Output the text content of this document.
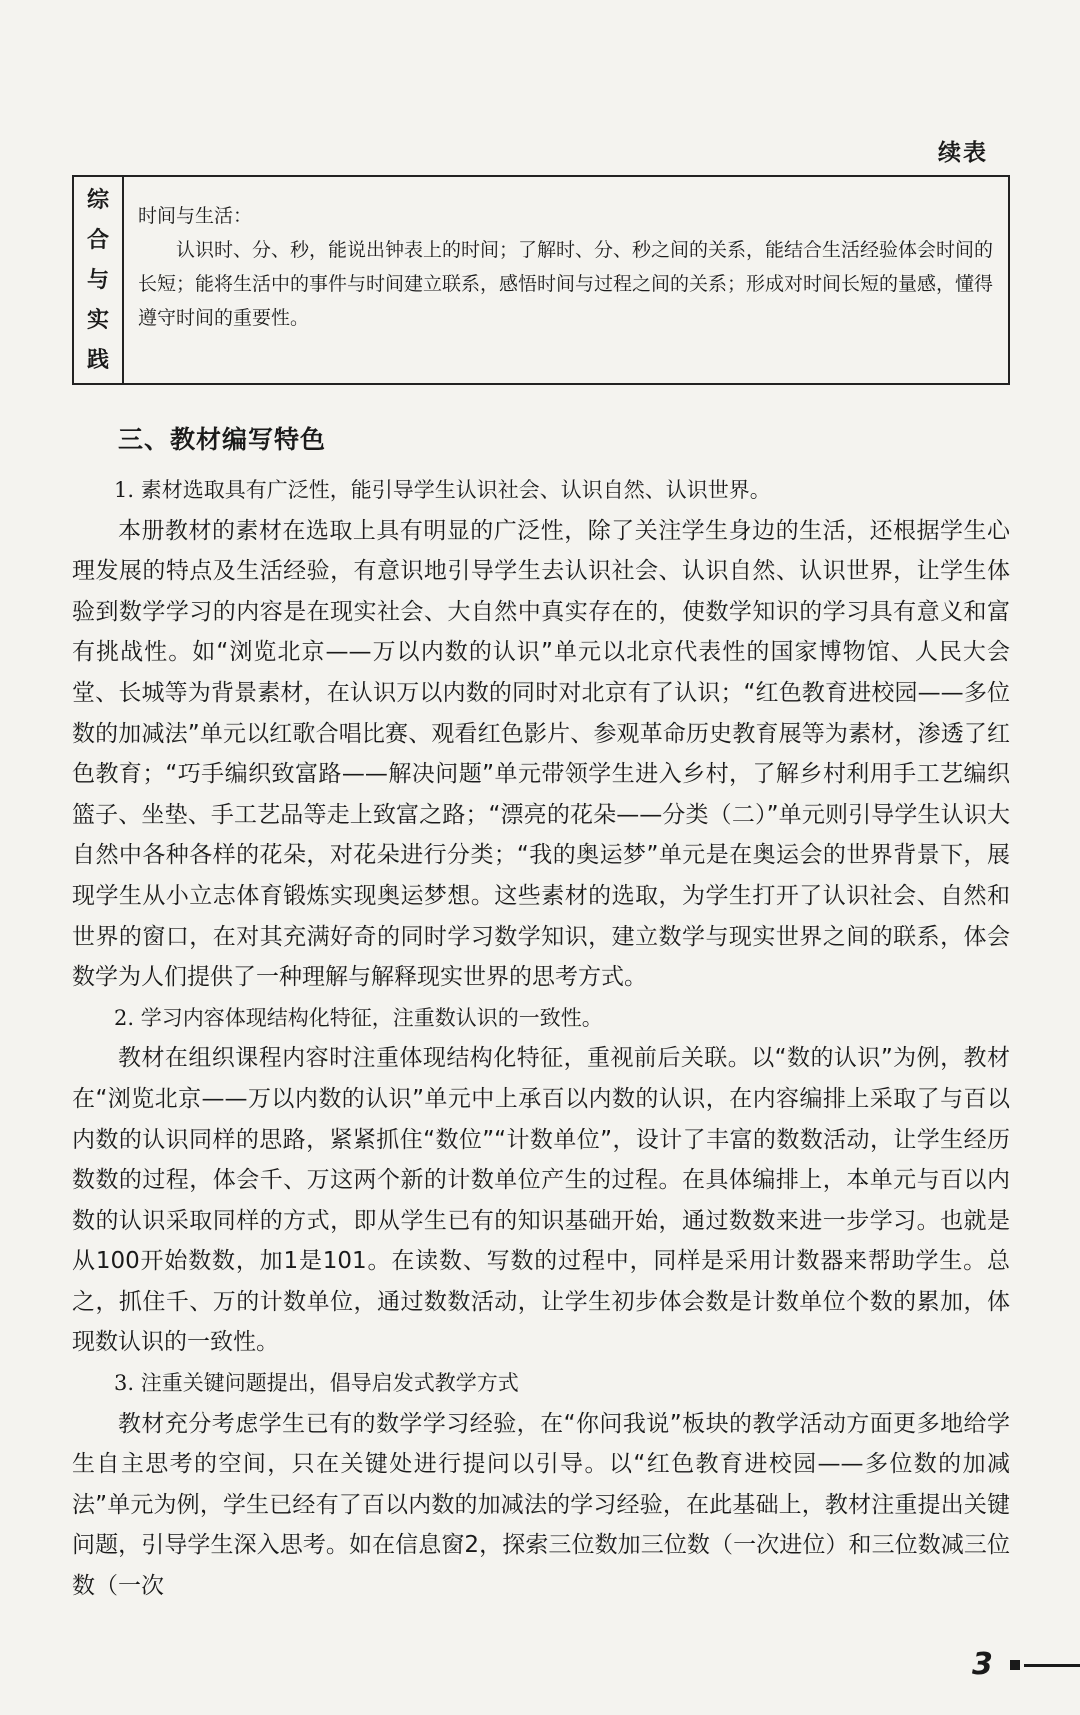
续表
综
合
与
实
践

时间与生活：

认识时、分、秒，能说出钟表上的时间；了解时、分、秒之间的关系，能结合生活经验体会时间的长短；能将生活中的事件与时间建立联系，感悟时间与过程之间的关系；形成对时间长短的量感，懂得遵守时间的重要性。

三、教材编写特色

1. 素材选取具有广泛性，能引导学生认识社会、认识自然、认识世界。

本册教材的素材在选取上具有明显的广泛性，除了关注学生身边的生活，还根据学生心理发展的特点及生活经验，有意识地引导学生去认识社会、认识自然、认识世界，让学生体验到数学学习的内容是在现实社会、大自然中真实存在的，使数学知识的学习具有意义和富有挑战性。如“浏览北京——万以内数的认识”单元以北京代表性的国家博物馆、人民大会堂、长城等为背景素材，在认识万以内数的同时对北京有了认识；“红色教育进校园——多位数的加减法”单元以红歌合唱比赛、观看红色影片、参观革命历史教育展等为素材，渗透了红色教育；“巧手编织致富路——解决问题”单元带领学生进入乡村，了解乡村利用手工艺编织篮子、坐垫、手工艺品等走上致富之路；“漂亮的花朵——分类（二）”单元则引导学生认识大自然中各种各样的花朵，对花朵进行分类；“我的奥运梦”单元是在奥运会的世界背景下，展现学生从小立志体育锻炼实现奥运梦想。这些素材的选取，为学生打开了认识社会、自然和世界的窗口，在对其充满好奇的同时学习数学知识，建立数学与现实世界之间的联系，体会数学为人们提供了一种理解与解释现实世界的思考方式。

2. 学习内容体现结构化特征，注重数认识的一致性。

教材在组织课程内容时注重体现结构化特征，重视前后关联。以“数的认识”为例，教材在“浏览北京——万以内数的认识”单元中上承百以内数的认识，在内容编排上采取了与百以内数的认识同样的思路，紧紧抓住“数位”“计数单位”，设计了丰富的数数活动，让学生经历数数的过程，体会千、万这两个新的计数单位产生的过程。在具体编排上，本单元与百以内数的认识采取同样的方式，即从学生已有的知识基础开始，通过数数来进一步学习。也就是从100开始数数，加1是101。在读数、写数的过程中，同样是采用计数器来帮助学生。总之，抓住千、万的计数单位，通过数数活动，让学生初步体会数是计数单位个数的累加，体现数认识的一致性。

3. 注重关键问题提出，倡导启发式教学方式

教材充分考虑学生已有的数学学习经验，在“你问我说”板块的教学活动方面更多地给学生自主思考的空间，只在关键处进行提问以引导。以“红色教育进校园——多位数的加减法”单元为例，学生已经有了百以内数的加减法的学习经验，在此基础上，教材注重提出关键问题，引导学生深入思考。如在信息窗2，探索三位数加三位数（一次进位）和三位数减三位数（一次

3
